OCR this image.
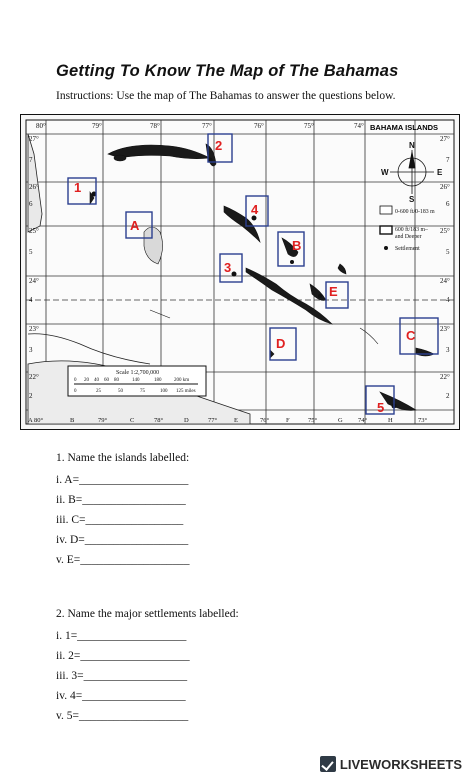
Getting To Know The Map of The Bahamas
Instructions: Use the map of The Bahamas to answer the questions below.
1
2
3
4
5
A
B
C
D
E
80°	79°	78°	77°	76°	75°	74°
27°
26°
25°
24°
23°
22°
7
6
5
4
3
2
27°
26°
25°
24°
23°
22°
7
6
5
4
3
2
A 80°	B	79°	C	78°	D	77°	E	76°	F	75°	G 74°	H	73°
BAHAMA ISLANDS
N
S
E
W
0-600 ft/0-183 m
600 ft/183 m–
and Deeper
Settlement
Scale 1:2,700,000
0 20 40 60 80	140	180	200 km
0	25	50	75	100 125 miles
1. Name the islands labelled:
i. A=___________________
ii. B=__________________
iii. C=_________________
iv. D=__________________
v. E=___________________
2. Name the major settlements labelled:
i. 1=___________________
ii. 2=___________________
iii. 3=__________________
iv. 4=__________________
v. 5=___________________
LIVEWORKSHEETS
